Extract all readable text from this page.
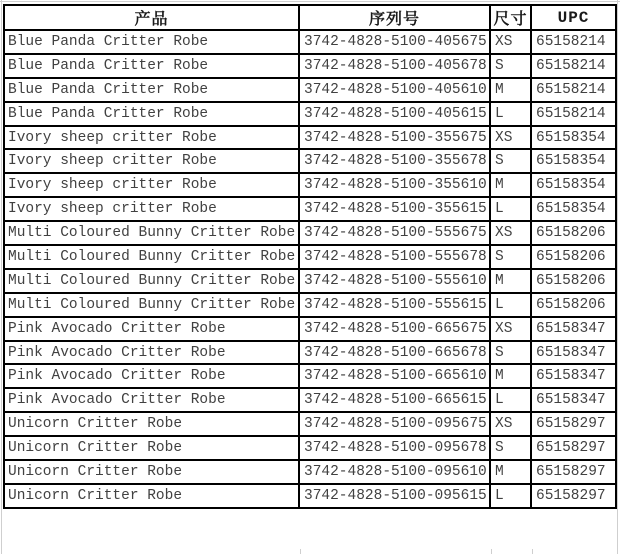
产品	序列号	尺寸	UPC
Blue Panda Critter Robe	3742-4828-5100-405675	XS	65158214
Blue Panda Critter Robe	3742-4828-5100-405678	S	65158214
Blue Panda Critter Robe	3742-4828-5100-405610	M	65158214
Blue Panda Critter Robe	3742-4828-5100-405615	L	65158214
Ivory sheep critter Robe	3742-4828-5100-355675	XS	65158354
Ivory sheep critter Robe	3742-4828-5100-355678	S	65158354
Ivory sheep critter Robe	3742-4828-5100-355610	M	65158354
Ivory sheep critter Robe	3742-4828-5100-355615	L	65158354
Multi Coloured Bunny Critter Robe	3742-4828-5100-555675	XS	65158206
Multi Coloured Bunny Critter Robe	3742-4828-5100-555678	S	65158206
Multi Coloured Bunny Critter Robe	3742-4828-5100-555610	M	65158206
Multi Coloured Bunny Critter Robe	3742-4828-5100-555615	L	65158206
Pink Avocado Critter Robe	3742-4828-5100-665675	XS	65158347
Pink Avocado Critter Robe	3742-4828-5100-665678	S	65158347
Pink Avocado Critter Robe	3742-4828-5100-665610	M	65158347
Pink Avocado Critter Robe	3742-4828-5100-665615	L	65158347
Unicorn Critter Robe	3742-4828-5100-095675	XS	65158297
Unicorn Critter Robe	3742-4828-5100-095678	S	65158297
Unicorn Critter Robe	3742-4828-5100-095610	M	65158297
Unicorn Critter Robe	3742-4828-5100-095615	L	65158297
